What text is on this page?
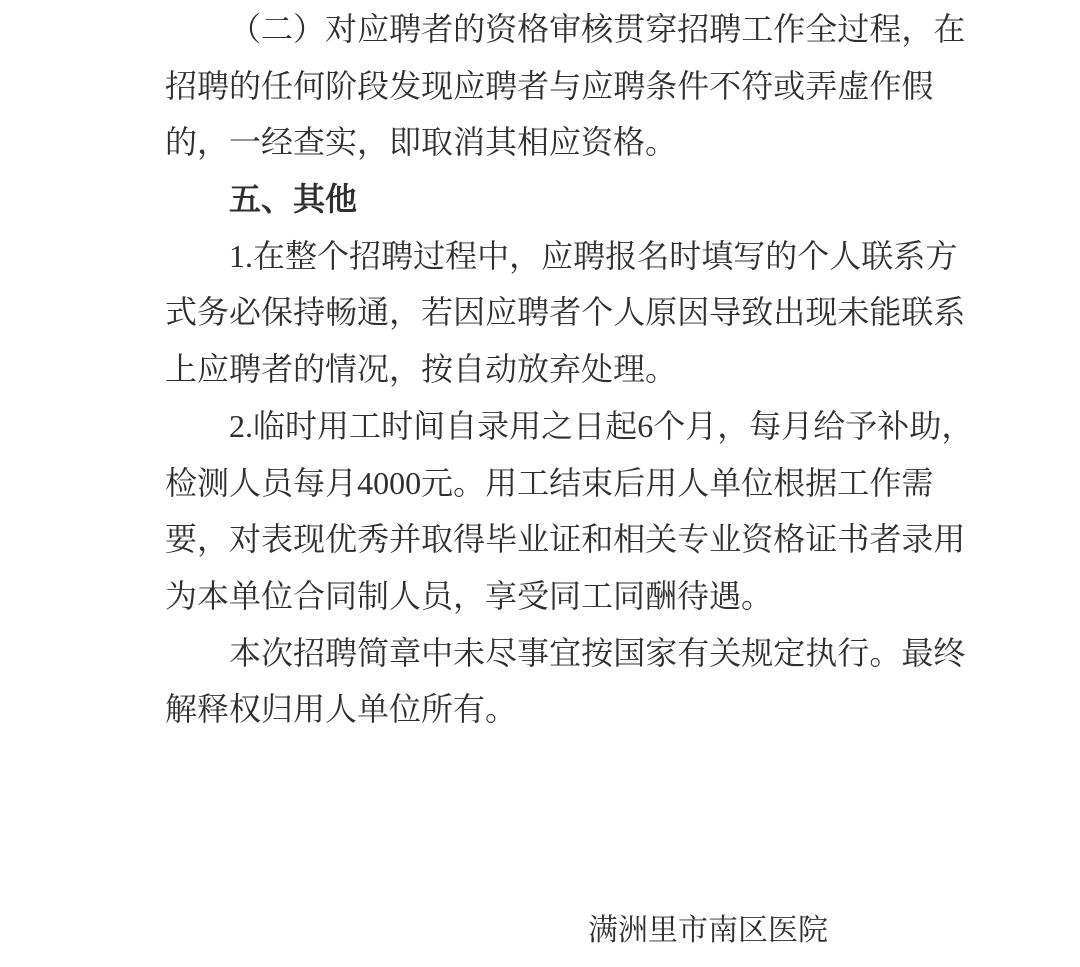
（ 二 ） 对 应 聘 者 的 资 格 审 核 贯 穿 招 聘 工 作 全 过 程 ， 在
招 聘 的 任 何 阶 段 发 现 应 聘 者 与 应 聘 条 件 不 符 或 弄 虚 作 假
的，一经查实，即取消其相应资格。
五、其他
1. 在 整 个 招 聘 过 程 中 ， 应 聘 报 名 时 填 写 的 个 人 联 系 方
式 务 必 保 持 畅 通 ， 若 因 应 聘 者 个 人 原 因 导 致 出 现 未 能 联 系
上应聘者的情况，按自动放弃处理。
2. 临 时 用 工 时 间 自 录 用 之 日 起 6 个 月 ， 每 月 给 予 补 助 ，
检 测 人 员 每 月 4000 元 。 用 工 结 束 后 用 人 单 位 根 据 工 作 需
要 ， 对 表 现 优 秀 并 取 得 毕 业 证 和 相 关 专 业 资 格 证 书 者 录 用
为本单位合同制人员，享受同工同酬待遇。
本 次 招 聘 简 章 中 未 尽 事 宜 按 国 家 有 关 规 定 执 行 。 最 终
解释权归用人单位所有。
满洲里市南区医院
